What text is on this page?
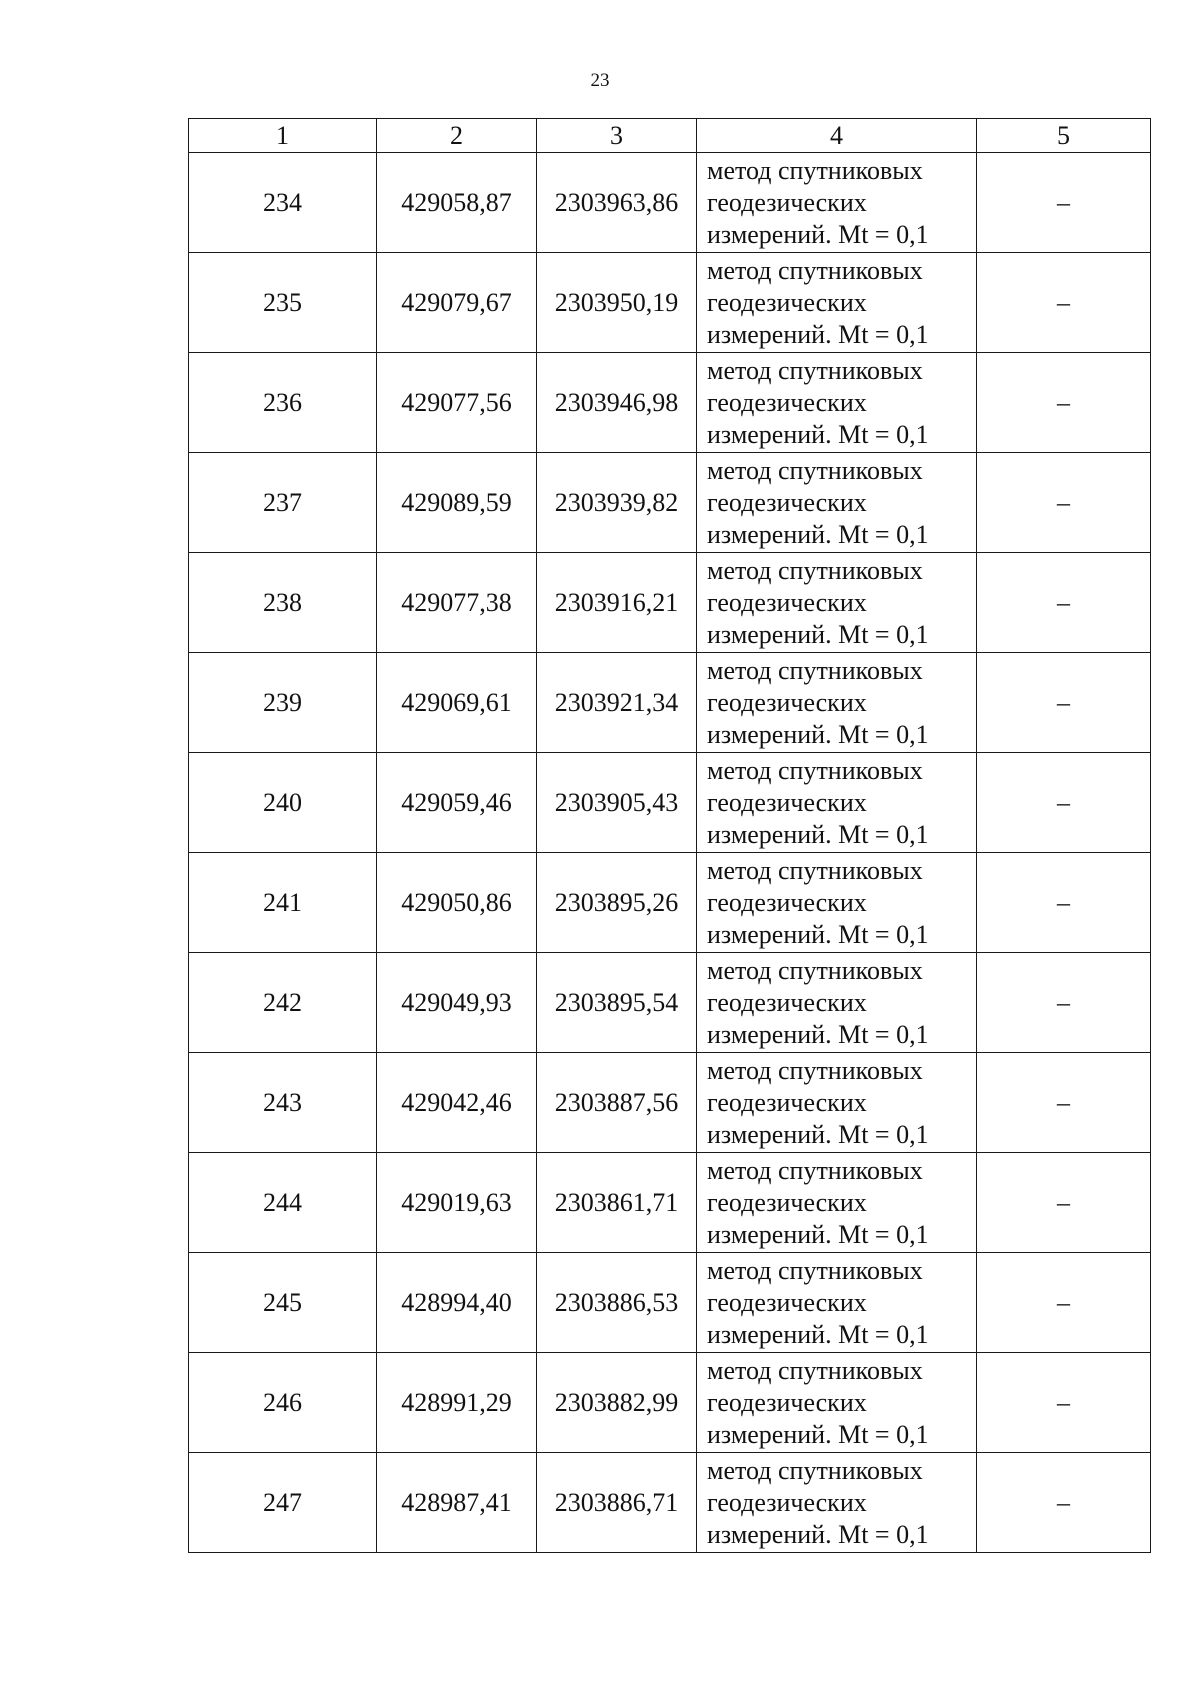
23
1	2	3	4	5
234	429058,87	2303963,86	метод спутниковых
геодезических
измерений. Mt = 0,1	–
235	429079,67	2303950,19	метод спутниковых
геодезических
измерений. Mt = 0,1	–
236	429077,56	2303946,98	метод спутниковых
геодезических
измерений. Mt = 0,1	–
237	429089,59	2303939,82	метод спутниковых
геодезических
измерений. Mt = 0,1	–
238	429077,38	2303916,21	метод спутниковых
геодезических
измерений. Mt = 0,1	–
239	429069,61	2303921,34	метод спутниковых
геодезических
измерений. Mt = 0,1	–
240	429059,46	2303905,43	метод спутниковых
геодезических
измерений. Mt = 0,1	–
241	429050,86	2303895,26	метод спутниковых
геодезических
измерений. Mt = 0,1	–
242	429049,93	2303895,54	метод спутниковых
геодезических
измерений. Mt = 0,1	–
243	429042,46	2303887,56	метод спутниковых
геодезических
измерений. Mt = 0,1	–
244	429019,63	2303861,71	метод спутниковых
геодезических
измерений. Mt = 0,1	–
245	428994,40	2303886,53	метод спутниковых
геодезических
измерений. Mt = 0,1	–
246	428991,29	2303882,99	метод спутниковых
геодезических
измерений. Mt = 0,1	–
247	428987,41	2303886,71	метод спутниковых
геодезических
измерений. Mt = 0,1	–
